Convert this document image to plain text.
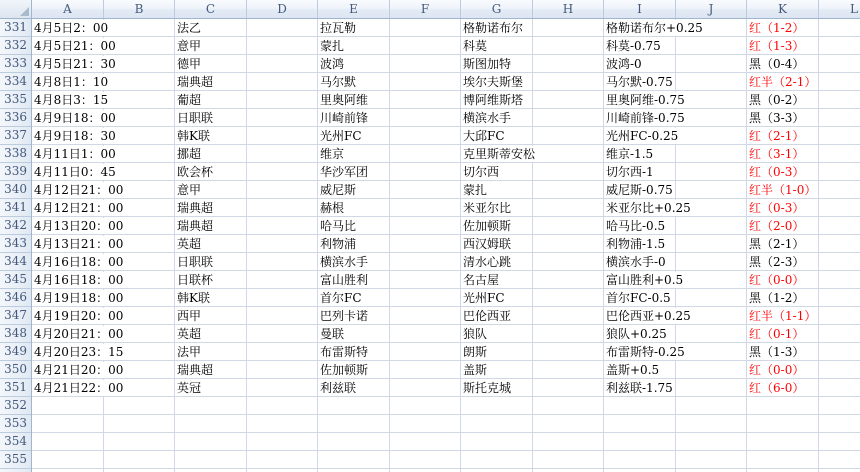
A	B	C	D	E	F	G	H	I	J	K	L
331
332
333
334
335
336
337
338
339
340
341
342
343
344
345
346
347
348
349
350
351
352
353
354
355
4月5日2：00	法乙	拉瓦勒	格勒诺布尔	格勒诺布尔+0.25	红（1-2）
4月5日21：00	意甲	蒙扎	科莫	科莫-0.75	红（1-3）
4月5日21：30	德甲	波鸿	斯图加特	波鸿-0	黑（0-4）
4月8日1：10	瑞典超	马尔默	埃尔夫斯堡	马尔默-0.75	红半（2-1）
4月8日3：15	葡超	里奥阿维	博阿维斯塔	里奥阿维-0.75	黑（0-2）
4月9日18：00	日职联	川崎前锋	横滨水手	川崎前锋-0.75	黑（3-3）
4月9日18：30	韩K联	光州FC	大邱FC	光州FC-0.25	红（2-1）
4月11日1：00	挪超	维京	克里斯蒂安松	维京-1.5	红（3-1）
4月11日0：45	欧会杯	华沙军团	切尔西	切尔西-1	红（0-3）
4月12日21：00	意甲	威尼斯	蒙扎	威尼斯-0.75	红半（1-0）
4月12日21：00	瑞典超	赫根	米亚尔比	米亚尔比+0.25	红（0-3）
4月13日20：00	瑞典超	哈马比	佐加顿斯	哈马比-0.5	红（2-0）
4月13日21：00	英超	利物浦	西汉姆联	利物浦-1.5	黑（2-1）
4月16日18：00	日职联	横滨水手	清水心跳	横滨水手-0	黑（2-3）
4月16日18：00	日联杯	富山胜利	名古屋	富山胜利+0.5	红（0-0）
4月19日18：00	韩K联	首尔FC	光州FC	首尔FC-0.5	黑（1-2）
4月19日20：00	西甲	巴列卡诺	巴伦西亚	巴伦西亚+0.25	红半（1-1）
4月20日21：00	英超	曼联	狼队	狼队+0.25	红（0-1）
4月20日23：15	法甲	布雷斯特	朗斯	布雷斯特-0.25	黑（1-3）
4月21日20：00	瑞典超	佐加顿斯	盖斯	盖斯+0.5	红（0-0）
4月21日22：00	英冠	利兹联	斯托克城	利兹联-1.75	红（6-0）
